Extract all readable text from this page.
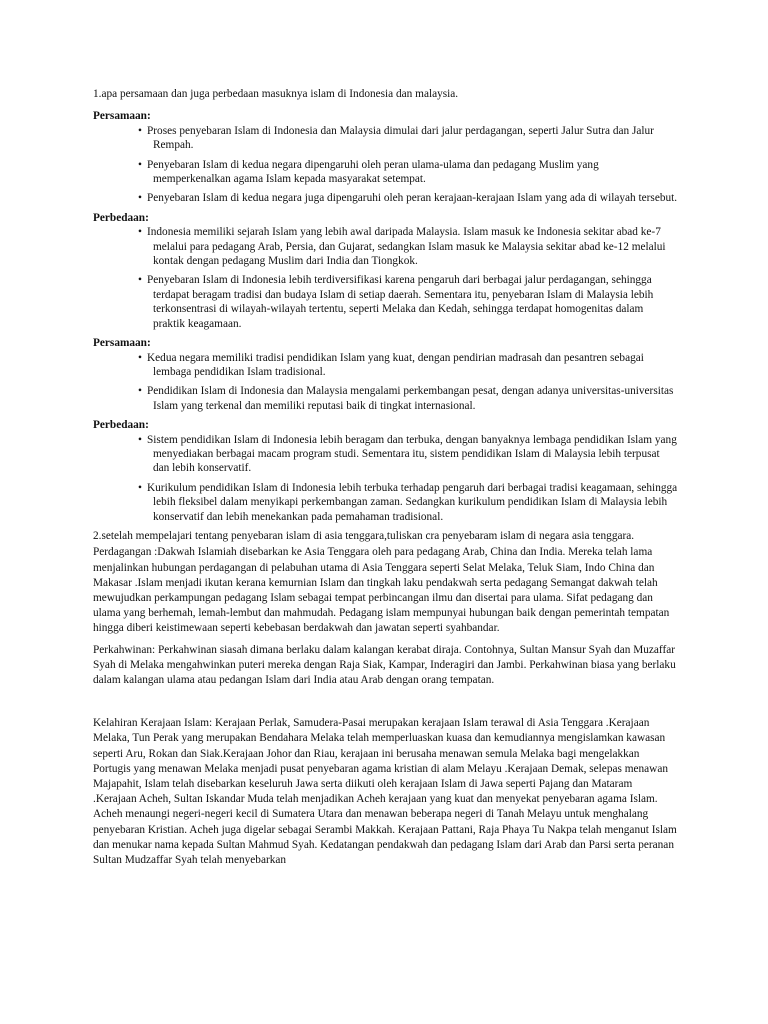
1.apa persamaan dan juga perbedaan masuknya islam di Indonesia dan malaysia.

Persamaan:

• Proses penyebaran Islam di Indonesia dan Malaysia dimulai dari jalur perdagangan, seperti Jalur Sutra dan Jalur Rempah.
• Penyebaran Islam di kedua negara dipengaruhi oleh peran ulama-ulama dan pedagang Muslim yang memperkenalkan agama Islam kepada masyarakat setempat.
• Penyebaran Islam di kedua negara juga dipengaruhi oleh peran kerajaan-kerajaan Islam yang ada di wilayah tersebut.

Perbedaan:

• Indonesia memiliki sejarah Islam yang lebih awal daripada Malaysia. Islam masuk ke Indonesia sekitar abad ke-7 melalui para pedagang Arab, Persia, dan Gujarat, sedangkan Islam masuk ke Malaysia sekitar abad ke-12 melalui kontak dengan pedagang Muslim dari India dan Tiongkok.
• Penyebaran Islam di Indonesia lebih terdiversifikasi karena pengaruh dari berbagai jalur perdagangan, sehingga terdapat beragam tradisi dan budaya Islam di setiap daerah. Sementara itu, penyebaran Islam di Malaysia lebih terkonsentrasi di wilayah-wilayah tertentu, seperti Melaka dan Kedah, sehingga terdapat homogenitas dalam praktik keagamaan.

Persamaan:

• Kedua negara memiliki tradisi pendidikan Islam yang kuat, dengan pendirian madrasah dan pesantren sebagai lembaga pendidikan Islam tradisional.
• Pendidikan Islam di Indonesia dan Malaysia mengalami perkembangan pesat, dengan adanya universitas-universitas Islam yang terkenal dan memiliki reputasi baik di tingkat internasional.

Perbedaan:

• Sistem pendidikan Islam di Indonesia lebih beragam dan terbuka, dengan banyaknya lembaga pendidikan Islam yang menyediakan berbagai macam program studi. Sementara itu, sistem pendidikan Islam di Malaysia lebih terpusat dan lebih konservatif.
• Kurikulum pendidikan Islam di Indonesia lebih terbuka terhadap pengaruh dari berbagai tradisi keagamaan, sehingga lebih fleksibel dalam menyikapi perkembangan zaman. Sedangkan kurikulum pendidikan Islam di Malaysia lebih konservatif dan lebih menekankan pada pemahaman tradisional.

2.setelah mempelajari tentang penyebaran islam di asia tenggara,tuliskan cra penyebaram islam di negara asia tenggara.

Perdagangan :Dakwah Islamiah disebarkan ke Asia Tenggara oleh para pedagang Arab, China dan India. Mereka telah lama menjalinkan hubungan perdagangan di pelabuhan utama di Asia Tenggara seperti Selat Melaka, Teluk Siam, Indo China dan Makasar .Islam menjadi ikutan kerana kemurnian Islam dan tingkah laku pendakwah serta pedagang Semangat dakwah telah mewujudkan perkampungan pedagang Islam sebagai tempat perbincangan ilmu dan disertai para ulama. Sifat pedagang dan ulama yang berhemah, lemah-lembut dan mahmudah. Pedagang islam mempunyai hubungan baik dengan pemerintah tempatan hingga diberi keistimewaan seperti kebebasan berdakwah dan jawatan seperti syahbandar.

Perkahwinan: Perkahwinan siasah dimana berlaku dalam kalangan kerabat diraja. Contohnya, Sultan Mansur Syah dan Muzaffar Syah di Melaka mengahwinkan puteri mereka dengan Raja Siak, Kampar, Inderagiri dan Jambi. Perkahwinan biasa yang berlaku dalam kalangan ulama atau pedangan Islam dari India atau Arab dengan orang tempatan.

Kelahiran Kerajaan Islam: Kerajaan Perlak, Samudera-Pasai merupakan kerajaan Islam terawal di Asia Tenggara .Kerajaan Melaka, Tun Perak yang merupakan Bendahara Melaka telah memperluaskan kuasa dan kemudiannya mengislamkan kawasan seperti Aru, Rokan dan Siak.Kerajaan Johor dan Riau, kerajaan ini berusaha menawan semula Melaka bagi mengelakkan Portugis yang menawan Melaka menjadi pusat penyebaran agama kristian di alam Melayu .Kerajaan Demak, selepas menawan Majapahit, Islam telah disebarkan keseluruh Jawa serta diikuti oleh kerajaan Islam di Jawa seperti Pajang dan Mataram .Kerajaan Acheh, Sultan Iskandar Muda telah menjadikan Acheh kerajaan yang kuat dan menyekat penyebaran agama Islam. Acheh menaungi negeri-negeri kecil di Sumatera Utara dan menawan beberapa negeri di Tanah Melayu untuk menghalang penyebaran Kristian. Acheh juga digelar sebagai Serambi Makkah. Kerajaan Pattani, Raja Phaya Tu Nakpa telah menganut Islam dan menukar nama kepada Sultan Mahmud Syah. Kedatangan pendakwah dan pedagang Islam dari Arab dan Parsi serta peranan Sultan Mudzaffar Syah telah menyebarkan
